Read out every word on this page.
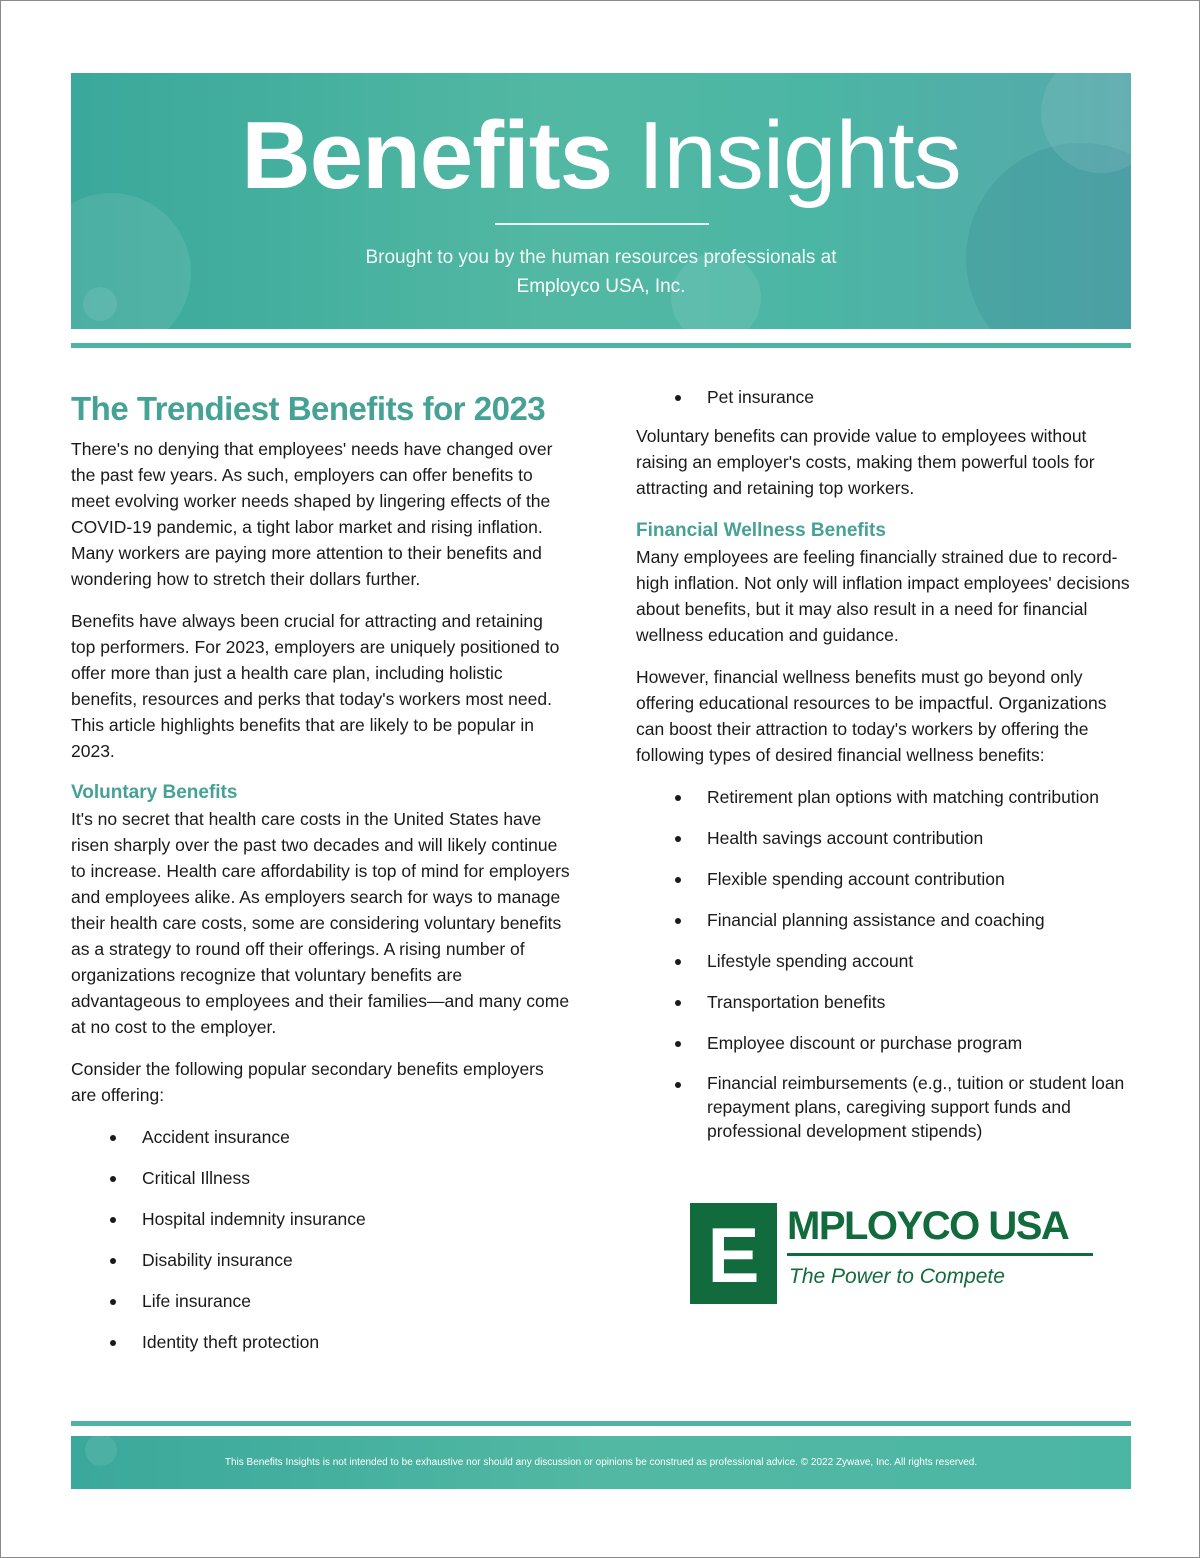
Benefits Insights
Brought to you by the human resources professionals at
Employco USA, Inc.
The Trendiest Benefits for 2023

There's no denying that employees' needs have changed over the past few years. As such, employers can offer benefits to meet evolving worker needs shaped by lingering effects of the COVID-19 pandemic, a tight labor market and rising inflation. Many workers are paying more attention to their benefits and wondering how to stretch their dollars further.

Benefits have always been crucial for attracting and retaining top performers. For 2023, employers are uniquely positioned to offer more than just a health care plan, including holistic benefits, resources and perks that today's workers most need. This article highlights benefits that are likely to be popular in 2023.

Voluntary Benefits

It's no secret that health care costs in the United States have risen sharply over the past two decades and will likely continue to increase. Health care affordability is top of mind for employers and employees alike. As employers search for ways to manage their health care costs, some are considering voluntary benefits as a strategy to round off their offerings. A rising number of organizations recognize that voluntary benefits are advantageous to employees and their families—and many come at no cost to the employer.

Consider the following popular secondary benefits employers are offering:

Accident insurance
Critical Illness
Hospital indemnity insurance
Disability insurance
Life insurance
Identity theft protection
Pet insurance

Voluntary benefits can provide value to employees without raising an employer's costs, making them powerful tools for attracting and retaining top workers.

Financial Wellness Benefits

Many employees are feeling financially strained due to record-high inflation. Not only will inflation impact employees' decisions about benefits, but it may also result in a need for financial wellness education and guidance.

However, financial wellness benefits must go beyond only offering educational resources to be impactful. Organizations can boost their attraction to today's workers by offering the following types of desired financial wellness benefits:

Retirement plan options with matching contribution
Health savings account contribution
Flexible spending account contribution
Financial planning assistance and coaching
Lifestyle spending account
Transportation benefits
Employee discount or purchase program
Financial reimbursements (e.g., tuition or student loan repayment plans, caregiving support funds and professional development stipends)
E MPLOYCO USA
The Power to Compete
This Benefits Insights is not intended to be exhaustive nor should any discussion or opinions be construed as professional advice. © 2022 Zywave, Inc. All rights reserved.
